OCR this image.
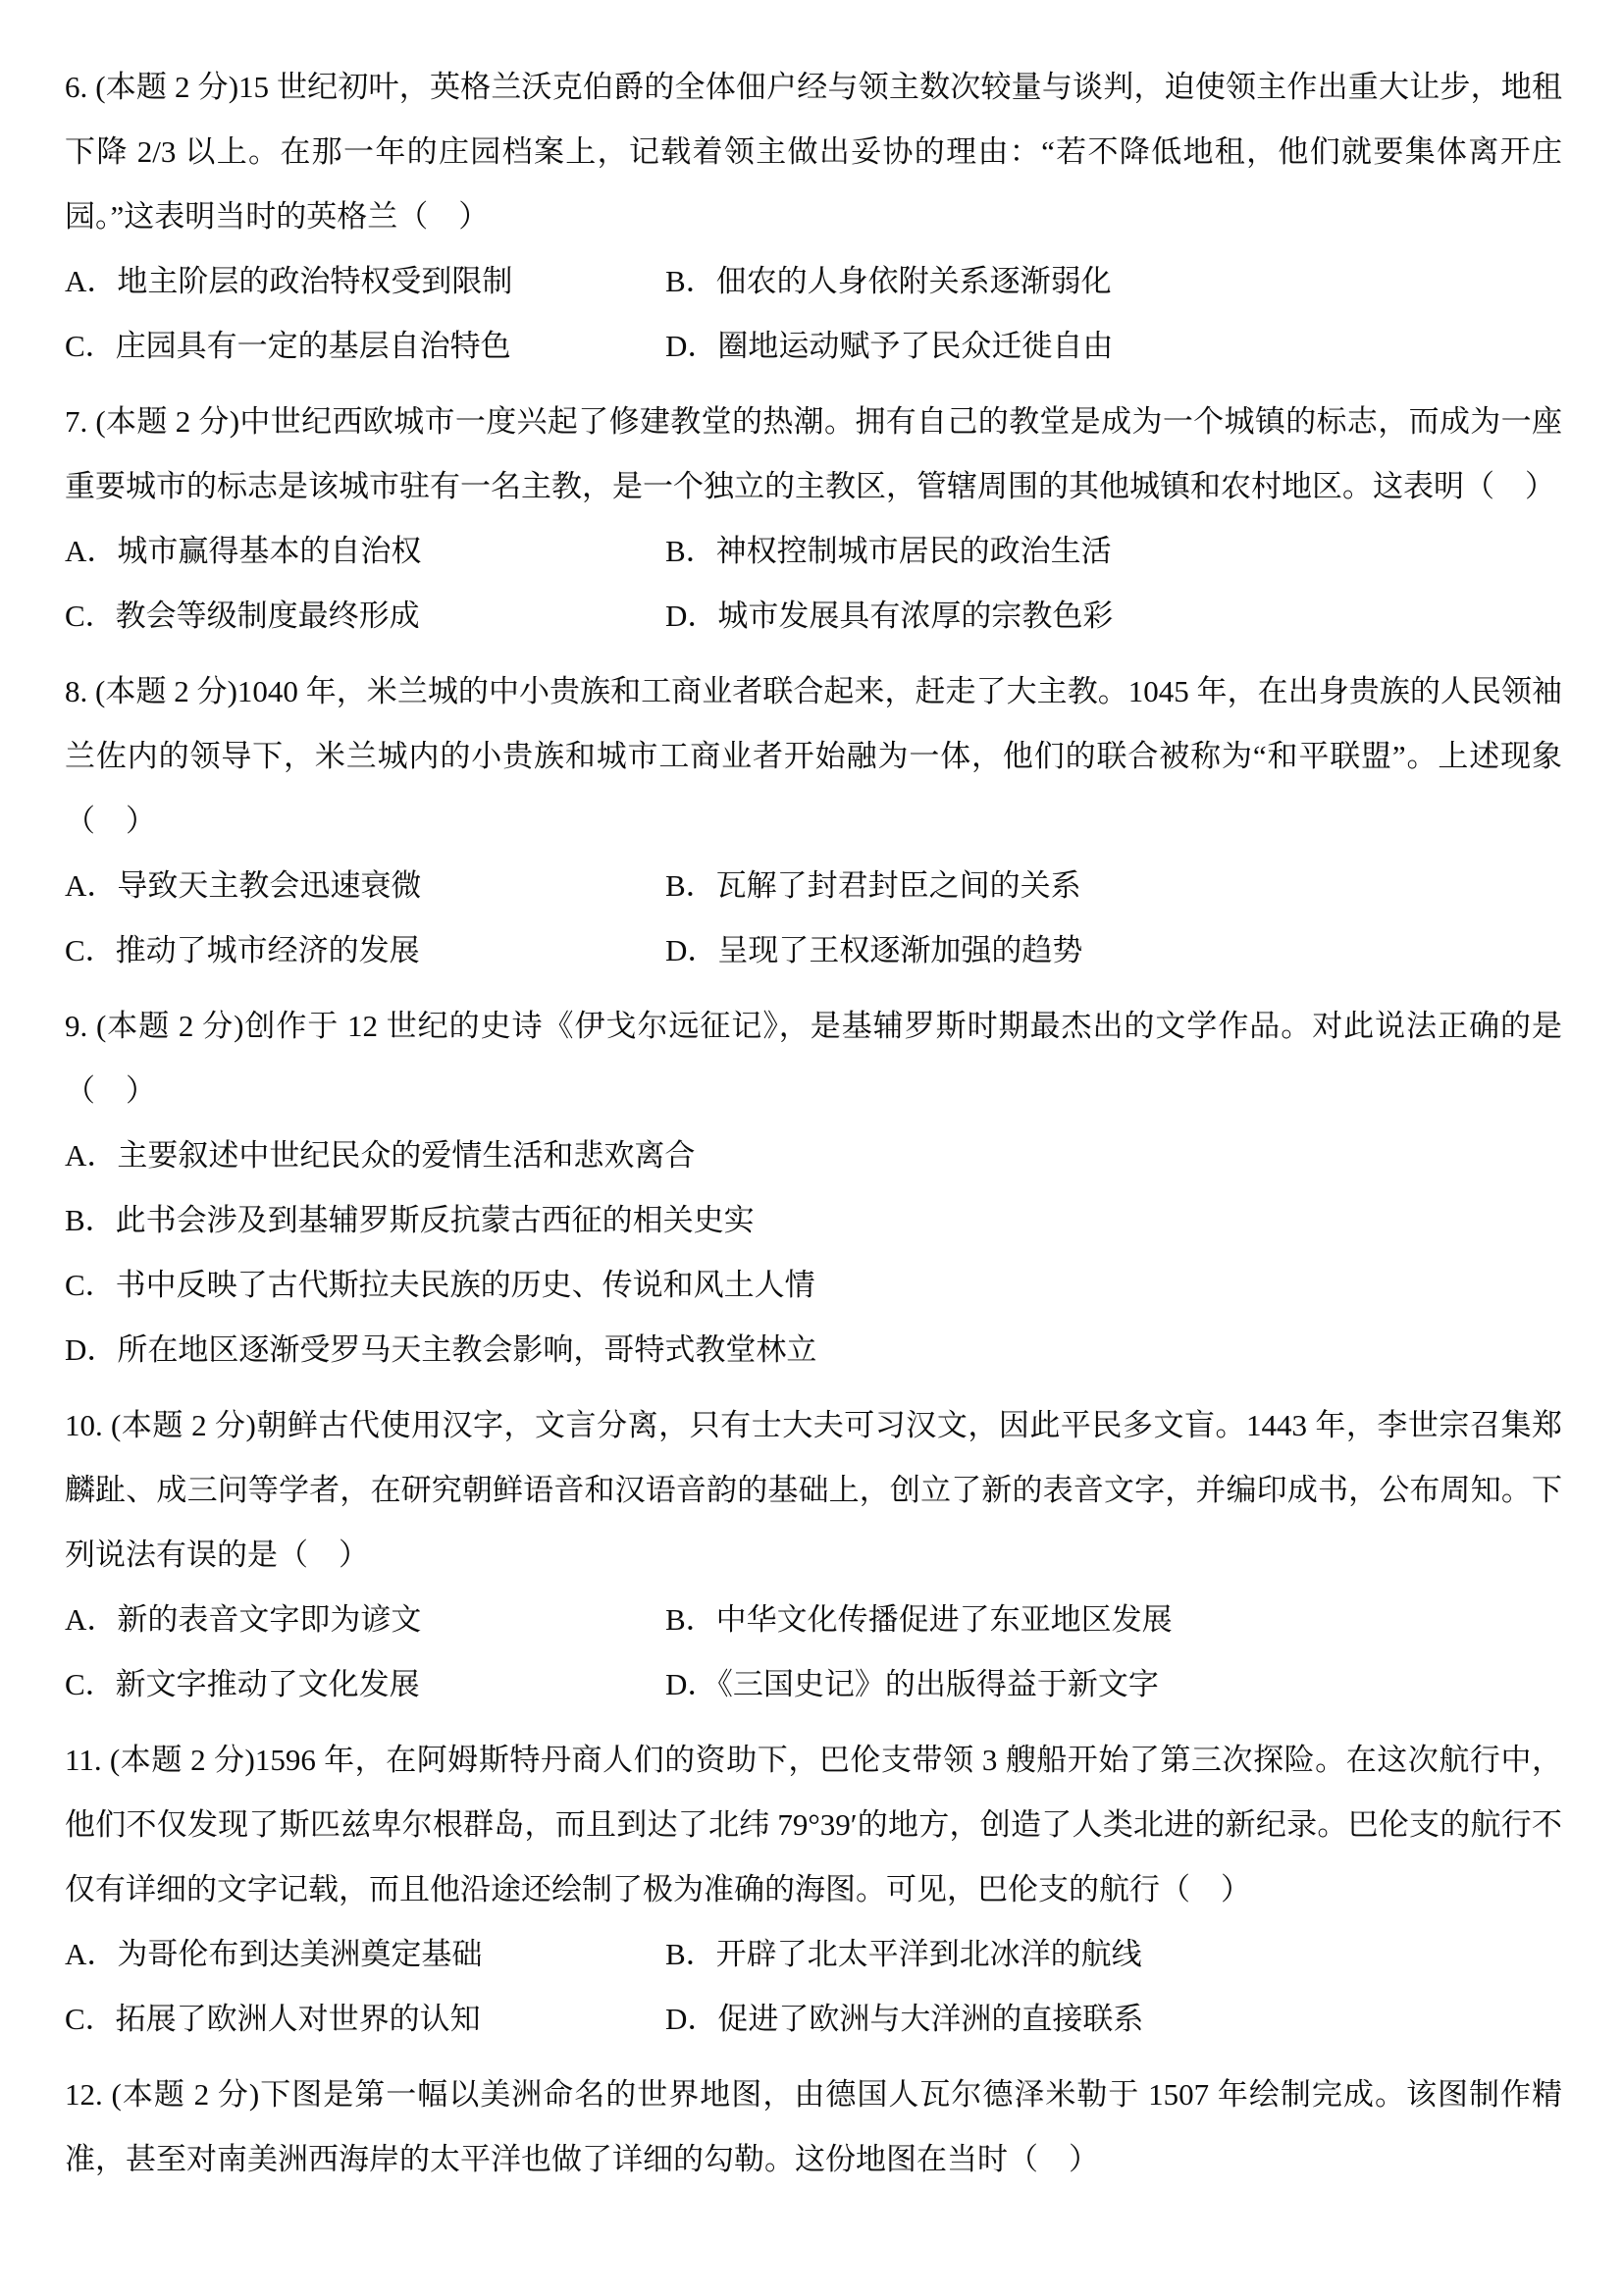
6. (本题 2 分)15 世纪初叶，英格兰沃克伯爵的全体佃户经与领主数次较量与谈判，迫使领主作出重大让步，地租下降 2/3 以上。在那一年的庄园档案上，记载着领主做出妥协的理由：“若不降低地租，他们就要集体离开庄园。”这表明当时的英格兰（　）

A．地主阶层的政治特权受到限制	B．佃农的人身依附关系逐渐弱化

C．庄园具有一定的基层自治特色	D．圈地运动赋予了民众迁徙自由

7. (本题 2 分)中世纪西欧城市一度兴起了修建教堂的热潮。拥有自己的教堂是成为一个城镇的标志，而成为一座重要城市的标志是该城市驻有一名主教，是一个独立的主教区，管辖周围的其他城镇和农村地区。这表明（　）

A．城市赢得基本的自治权	B．神权控制城市居民的政治生活

C．教会等级制度最终形成	D．城市发展具有浓厚的宗教色彩

8. (本题 2 分)1040 年，米兰城的中小贵族和工商业者联合起来，赶走了大主教。1045 年，在出身贵族的人民领袖兰佐内的领导下，米兰城内的小贵族和城市工商业者开始融为一体，他们的联合被称为“和平联盟”。上述现象（　）

A．导致天主教会迅速衰微	B．瓦解了封君封臣之间的关系

C．推动了城市经济的发展	D．呈现了王权逐渐加强的趋势

9. (本题 2 分)创作于 12 世纪的史诗《伊戈尔远征记》，是基辅罗斯时期最杰出的文学作品。对此说法正确的是（　）

A．主要叙述中世纪民众的爱情生活和悲欢离合

B．此书会涉及到基辅罗斯反抗蒙古西征的相关史实

C．书中反映了古代斯拉夫民族的历史、传说和风土人情

D．所在地区逐渐受罗马天主教会影响，哥特式教堂林立

10. (本题 2 分)朝鲜古代使用汉字，文言分离，只有士大夫可习汉文，因此平民多文盲。1443 年，李世宗召集郑麟趾、成三问等学者，在研究朝鲜语音和汉语音韵的基础上，创立了新的表音文字，并编印成书，公布周知。下列说法有误的是（　）

A．新的表音文字即为谚文	B．中华文化传播促进了东亚地区发展

C．新文字推动了文化发展	D．《三国史记》的出版得益于新文字

11. (本题 2 分)1596 年，在阿姆斯特丹商人们的资助下，巴伦支带领 3 艘船开始了第三次探险。在这次航行中，他们不仅发现了斯匹兹卑尔根群岛，而且到达了北纬 79°39′的地方，创造了人类北进的新纪录。巴伦支的航行不仅有详细的文字记载，而且他沿途还绘制了极为准确的海图。可见，巴伦支的航行（　）

A．为哥伦布到达美洲奠定基础	B．开辟了北太平洋到北冰洋的航线

C．拓展了欧洲人对世界的认知	D．促进了欧洲与大洋洲的直接联系

12. (本题 2 分)下图是第一幅以美洲命名的世界地图，由德国人瓦尔德泽米勒于 1507 年绘制完成。该图制作精准，甚至对南美洲西海岸的太平洋也做了详细的勾勒。这份地图在当时（　）
